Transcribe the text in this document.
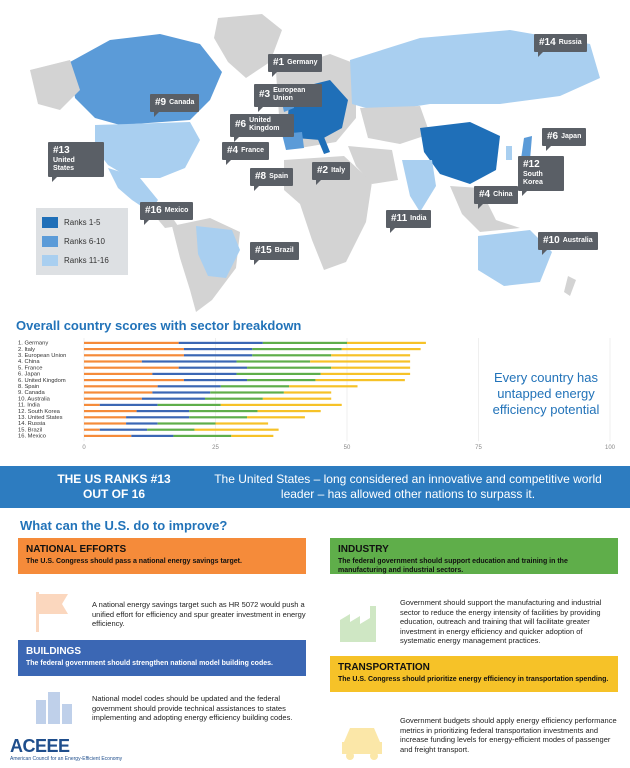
#1 Germany
#2 Italy
#3 European Union
#4 France
#4 China
#6 United Kingdom
#6 Japan
#8 Spain
#9 Canada
#10 Australia
#11 India
#12South Korea
#13United States
#14 Russia
#15 Brazil
#16 Mexico
Ranks 1-5
Ranks 6-10
Ranks 11-16
Overall country scores with sector breakdown
0	25	50	75	100
1. Germany
2. Italy
3. European Union
4. China
5. France
6. Japan
6. United Kingdom
8. Spain
9. Canada
10. Australia
11. India
12. South Korea
13. United States
14. Russia
15. Brazil
16. Mexico
Every country has untapped energy efficiency potential
THE US RANKS #13 OUT OF 16
The United States – long considered an innovative and competitive world leader – has allowed other nations to surpass it.
What can the U.S. do to improve?
NATIONAL EFFORTS
The U.S. Congress should pass a national energy savings target.
A national energy savings target such as HR 5072 would push a unified effort for efficiency and spur greater investment in energy efficiency.
INDUSTRY
The federal government should support education and training in the manufacturing and industrial sectors.
Government should support the manufacturing and industrial sector to reduce the energy intensity of facilities by providing education, outreach and training that will facilitate greater investment in energy efficiency and quicker adoption of systematic energy management practices.
BUILDINGS
The federal government should strengthen national model building codes.
National model codes should be updated and the federal government should provide technical assistances to states implementing and adopting energy efficiency building codes.
TRANSPORTATION
The U.S. Congress should prioritize energy efficiency in transportation spending.
Government budgets should apply energy efficiency performance metrics in prioritizing federal transportation investments and increase funding levels for energy-efficient modes of passenger and freight transport.
ACEEE
American Council for an Energy-Efficient Economy
